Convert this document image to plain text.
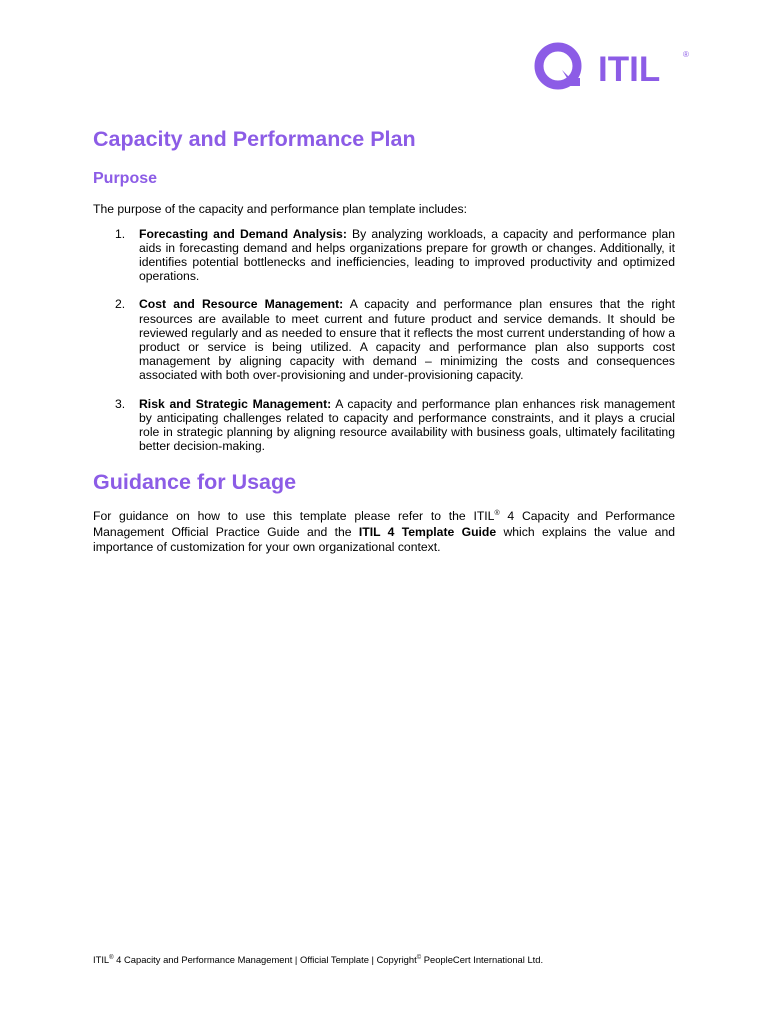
ITIL	®
Capacity and Performance Plan
Purpose

The purpose of the capacity and performance plan template includes:

1. Forecasting and Demand Analysis: By analyzing workloads, a capacity and performance plan aids in forecasting demand and helps organizations prepare for growth or changes. Additionally, it identifies potential bottlenecks and inefficiencies, leading to improved productivity and optimized operations.
2. Cost and Resource Management: A capacity and performance plan ensures that the right resources are available to meet current and future product and service demands. It should be reviewed regularly and as needed to ensure that it reflects the most current understanding of how a product or service is being utilized. A capacity and performance plan also supports cost management by aligning capacity with demand – minimizing the costs and consequences associated with both over-provisioning and under-provisioning capacity.
3. Risk and Strategic Management: A capacity and performance plan enhances risk management by anticipating challenges related to capacity and performance constraints, and it plays a crucial role in strategic planning by aligning resource availability with business goals, ultimately facilitating better decision-making.
Guidance for Usage

For guidance on how to use this template please refer to the ITIL® 4 Capacity and Performance Management Official Practice Guide and the ITIL 4 Template Guide which explains the value and importance of customization for your own organizational context.

ITIL® 4 Capacity and Performance Management | Official Template | Copyright© PeopleCert International Ltd.
